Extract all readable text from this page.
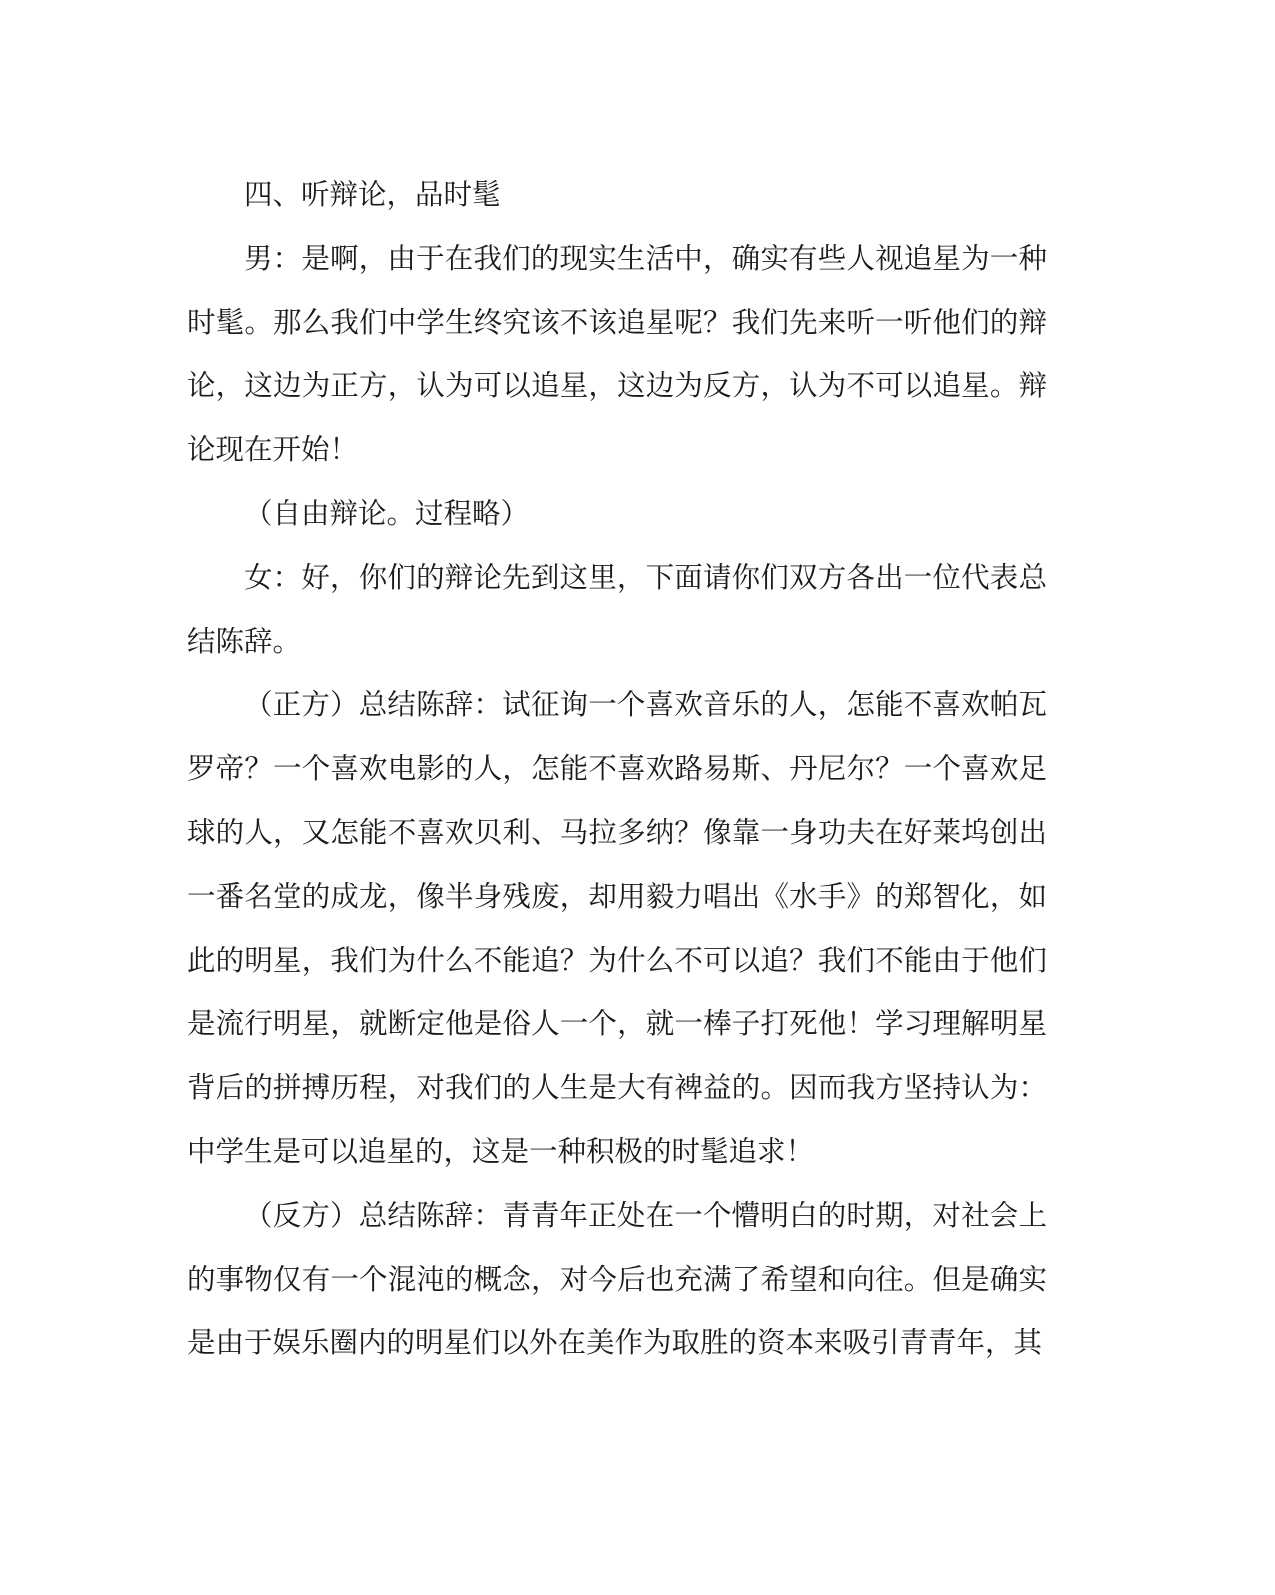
四、听辩论，品时髦

男：是啊，由于在我们的现实生活中，确实有些人视追星为一种时髦。那么我们中学生终究该不该追星呢？我们先来听一听他们的辩论，这边为正方，认为可以追星，这边为反方，认为不可以追星。辩论现在开始！

（自由辩论。过程略）

女：好，你们的辩论先到这里，下面请你们双方各出一位代表总结陈辞。

（正方）总结陈辞：试征询一个喜欢音乐的人，怎能不喜欢帕瓦罗帝？一个喜欢电影的人，怎能不喜欢路易斯、丹尼尔？一个喜欢足球的人，又怎能不喜欢贝利、马拉多纳？像靠一身功夫在好莱坞创出一番名堂的成龙，像半身残废，却用毅力唱出《水手》的郑智化，如此的明星，我们为什么不能追？为什么不可以追？我们不能由于他们是流行明星，就断定他是俗人一个，就一棒子打死他！学习理解明星背后的拼搏历程，对我们的人生是大有裨益的。因而我方坚持认为：中学生是可以追星的，这是一种积极的时髦追求！

（反方）总结陈辞：青青年正处在一个懵明白的时期，对社会上的事物仅有一个混沌的概念，对今后也充满了希望和向往。但是确实是由于娱乐圈内的明星们以外在美作为取胜的资本来吸引青青年，其
